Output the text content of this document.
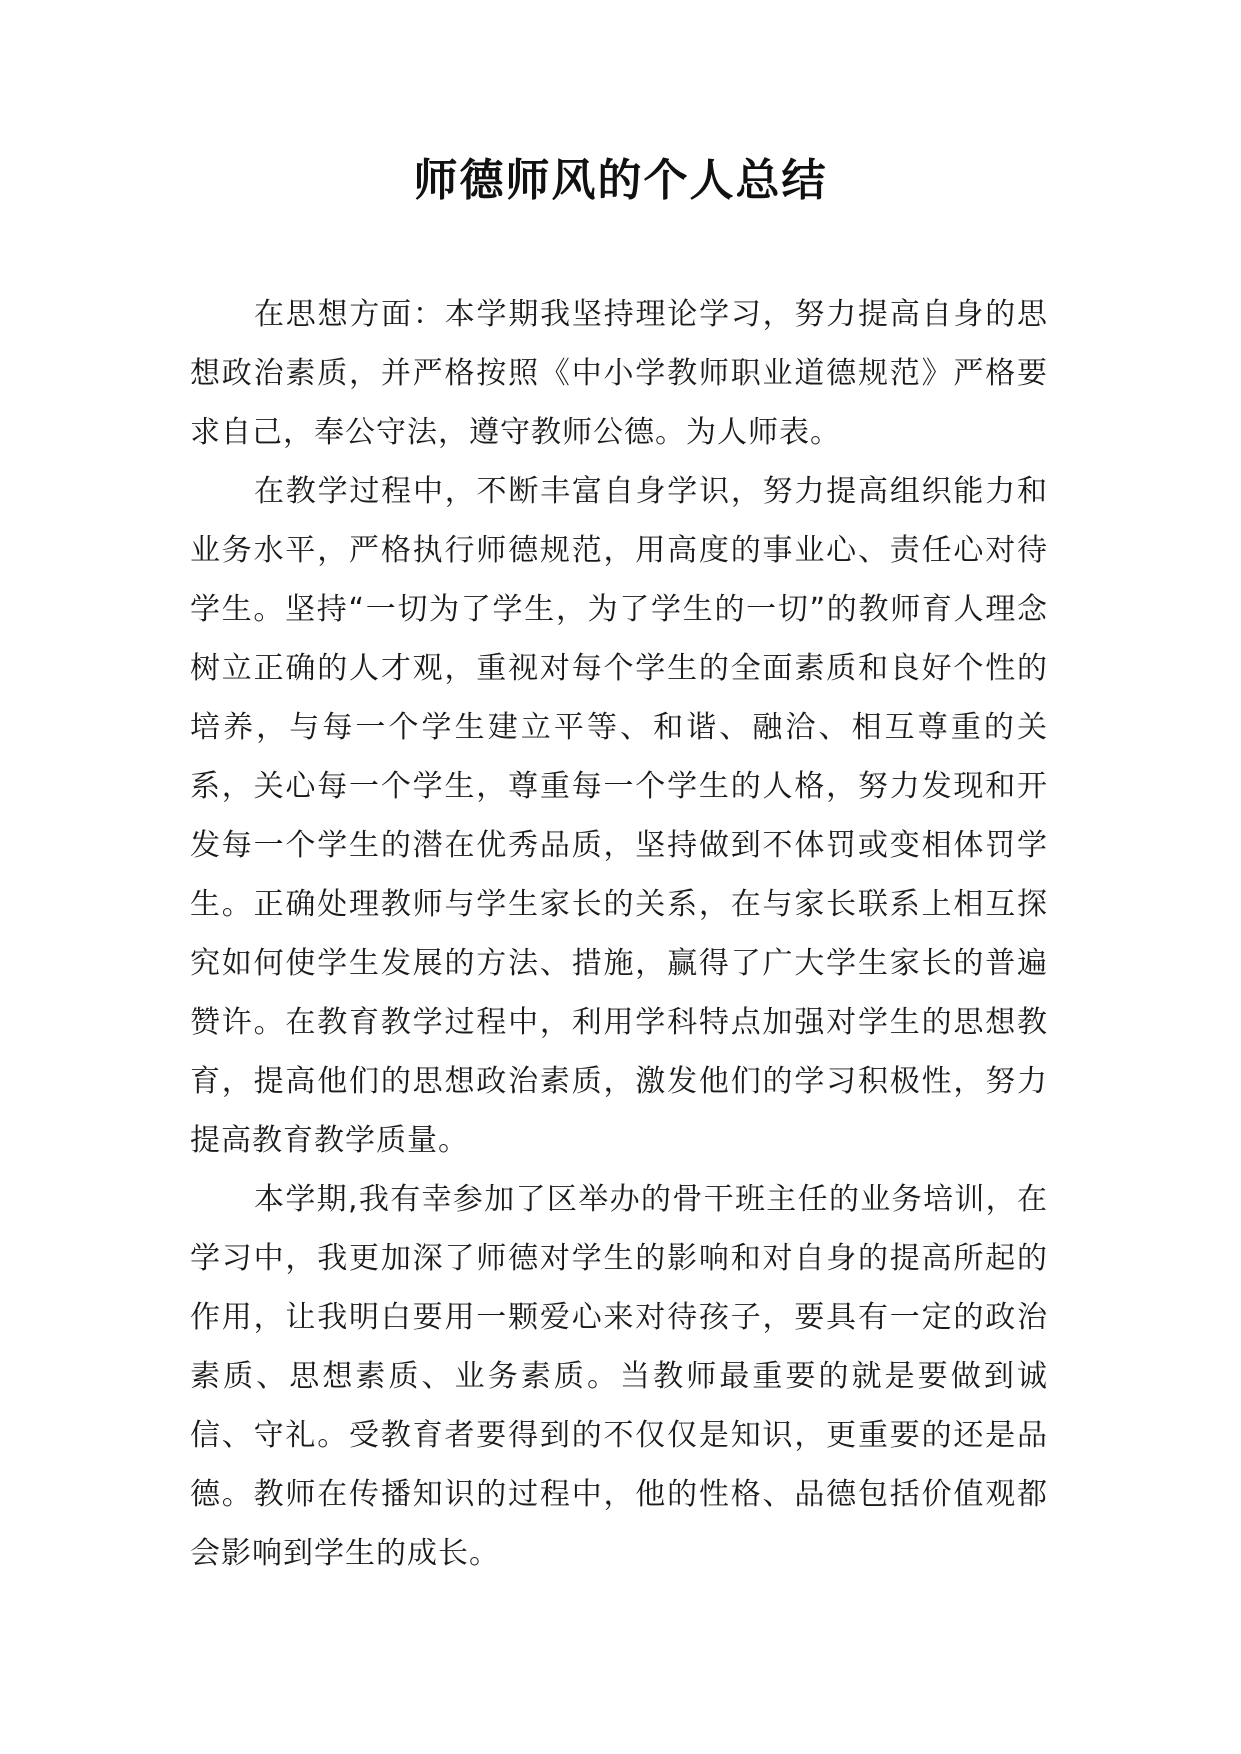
师德师风的个人总结

在思想方面：本学期我坚持理论学习，努力提高自身的思想政治素质，并严格按照《中小学教师职业道德规范》严格要求自己，奉公守法，遵守教师公德。为人师表。

在教学过程中，不断丰富自身学识，努力提高组织能力和业务水平，严格执行师德规范，用高度的事业心、责任心对待学生。坚持“一切为了学生，为了学生的一切”的教师育人理念树立正确的人才观，重视对每个学生的全面素质和良好个性的培养，与每一个学生建立平等、和谐、融洽、相互尊重的关系，关心每一个学生，尊重每一个学生的人格，努力发现和开发每一个学生的潜在优秀品质，坚持做到不体罚或变相体罚学生。正确处理教师与学生家长的关系，在与家长联系上相互探究如何使学生发展的方法、措施，赢得了广大学生家长的普遍赞许。在教育教学过程中，利用学科特点加强对学生的思想教育，提高他们的思想政治素质，激发他们的学习积极性，努力提高教育教学质量。

本学期,我有幸参加了区举办的骨干班主任的业务培训，在学习中，我更加深了师德对学生的影响和对自身的提高所起的作用，让我明白要用一颗爱心来对待孩子，要具有一定的政治素质、思想素质、业务素质。当教师最重要的就是要做到诚信、守礼。受教育者要得到的不仅仅是知识，更重要的还是品德。教师在传播知识的过程中，他的性格、品德包括价值观都会影响到学生的成长。
